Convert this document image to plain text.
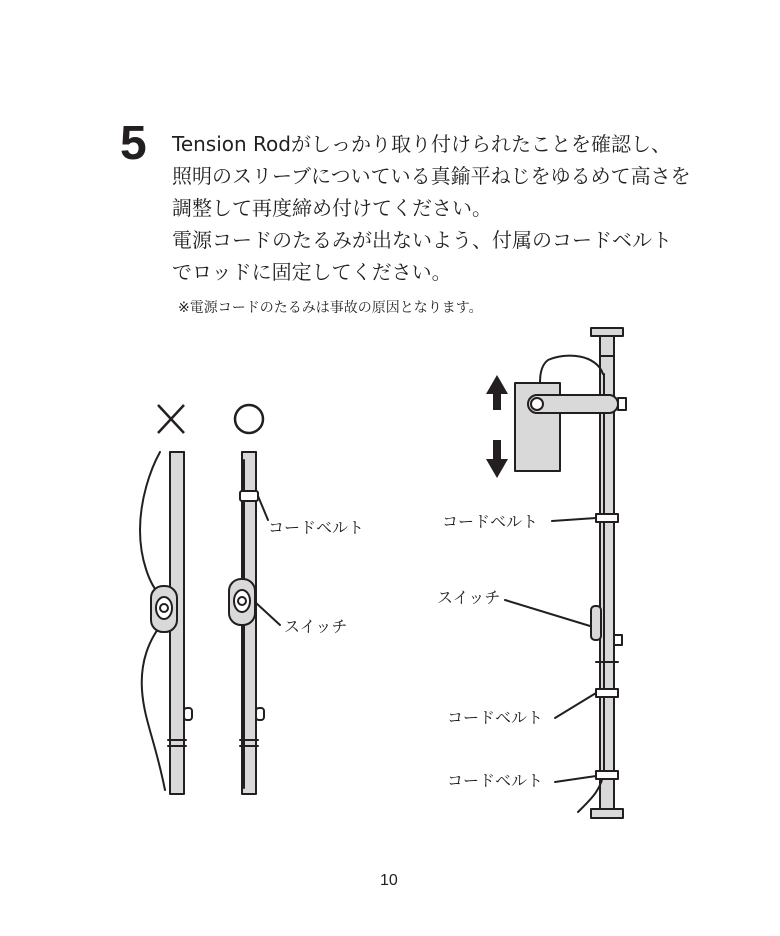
5 Tension Rodがしっかり取り付けられたことを確認し、
照明のスリーブについている真鍮平ねじをゆるめて高さを
調整して再度締め付けてください。
電源コードのたるみが出ないよう、付属のコードベルト
でロッドに固定してください。
※電源コードのたるみは事故の原因となります。
コードベルト
スイッチ
コードベルト
スイッチ
コードベルト
コードベルト
10
